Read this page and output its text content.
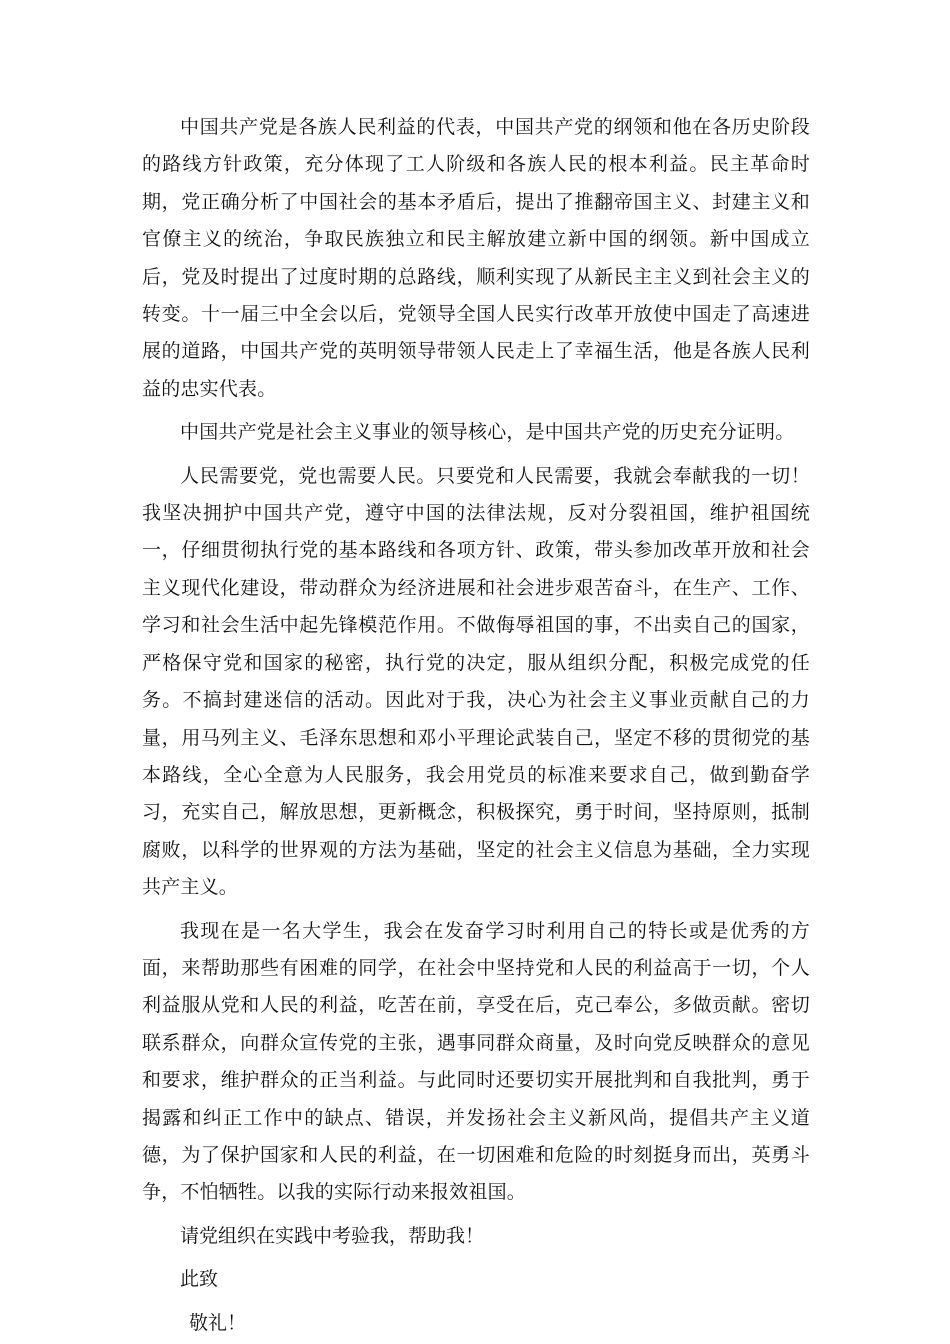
中国共产党是各族人民利益的代表，中国共产党的纲领和他在各历史阶段的路线方针政策，充分体现了工人阶级和各族人民的根本利益。民主革命时期，党正确分析了中国社会的基本矛盾后，提出了推翻帝国主义、封建主义和官僚主义的统治，争取民族独立和民主解放建立新中国的纲领。新中国成立后，党及时提出了过度时期的总路线，顺利实现了从新民主主义到社会主义的转变。十一届三中全会以后，党领导全国人民实行改革开放使中国走了高速进展的道路，中国共产党的英明领导带领人民走上了幸福生活，他是各族人民利益的忠实代表。

中国共产党是社会主义事业的领导核心，是中国共产党的历史充分证明。

人民需要党，党也需要人民。只要党和人民需要，我就会奉献我的一切！我坚决拥护中国共产党，遵守中国的法律法规，反对分裂祖国，维护祖国统一，仔细贯彻执行党的基本路线和各项方针、政策，带头参加改革开放和社会主义现代化建设，带动群众为经济进展和社会进步艰苦奋斗，在生产、工作、学习和社会生活中起先锋模范作用。不做侮辱祖国的事，不出卖自己的国家，严格保守党和国家的秘密，执行党的决定，服从组织分配，积极完成党的任务。不搞封建迷信的活动。因此对于我，决心为社会主义事业贡献自己的力量，用马列主义、毛泽东思想和邓小平理论武装自己，坚定不移的贯彻党的基本路线，全心全意为人民服务，我会用党员的标准来要求自己，做到勤奋学习，充实自己，解放思想，更新概念，积极探究，勇于时间，坚持原则，抵制腐败，以科学的世界观的方法为基础，坚定的社会主义信息为基础，全力实现共产主义。

我现在是一名大学生，我会在发奋学习时利用自己的特长或是优秀的方面，来帮助那些有困难的同学，在社会中坚持党和人民的利益高于一切，个人利益服从党和人民的利益，吃苦在前，享受在后，克己奉公，多做贡献。密切联系群众，向群众宣传党的主张，遇事同群众商量，及时向党反映群众的意见和要求，维护群众的正当利益。与此同时还要切实开展批判和自我批判，勇于揭露和纠正工作中的缺点、错误，并发扬社会主义新风尚，提倡共产主义道德，为了保护国家和人民的利益，在一切困难和危险的时刻挺身而出，英勇斗争，不怕牺牲。以我的实际行动来报效祖国。

请党组织在实践中考验我，帮助我！

此致

敬礼！
